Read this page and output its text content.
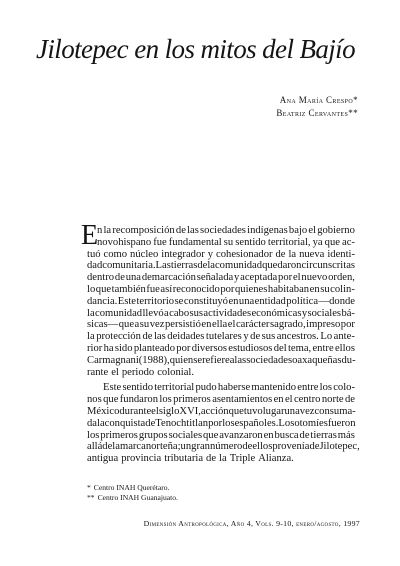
Jilotepec en los mitos del Bajío
Ana María Crespo*
Beatriz Cervantes**
E
n la recomposición de las sociedades indígenas bajo el gobierno
novohispano fue fundamental su sentido territorial, ya que ac-
tuó como núcleo integrador y cohesionador de la nueva identi-
dad comunitaria. Las tierras de la comunidad quedaron circunscritas
dentro de una demarcación señalada y aceptada por el nuevo orden,
lo que también fue así reconocido por quienes habitaban en su colin-
dancia. Este territorio se constituyó en una entidad política —donde
la comunidad llevó a cabo sus actividades económicas y sociales bá-
sicas— que a su vez persistió en ella el carácter sagrado, impreso por
la protección de las deidades tutelares y de sus ancestros. Lo ante-
rior ha sido planteado por diversos estudiosos del tema, entre ellos
Carmagnani (1988), quien se refiere a las sociedades oaxaqueñas du-
rante el periodo colonial.
Este sentido territorial pudo haberse mantenido entre los colo-
nos que fundaron los primeros asentamientos en el centro norte de
México durante el siglo XVI, acción que tuvo lugar una vez consuma-
da la conquista de Tenochtitlan por los españoles. Los otomíes fueron
los primeros grupos sociales que avanzaron en busca de tierras más
allá de la marca norteña; un gran número de ellos provenía de Jilotepec,
antigua provincia tributaria de la Triple Alianza.
* Centro INAH Querétaro.
** Centro INAH Guanajuato.
Dimensión Antropológica, Año 4, Vols. 9-10, enero/agosto, 1997
